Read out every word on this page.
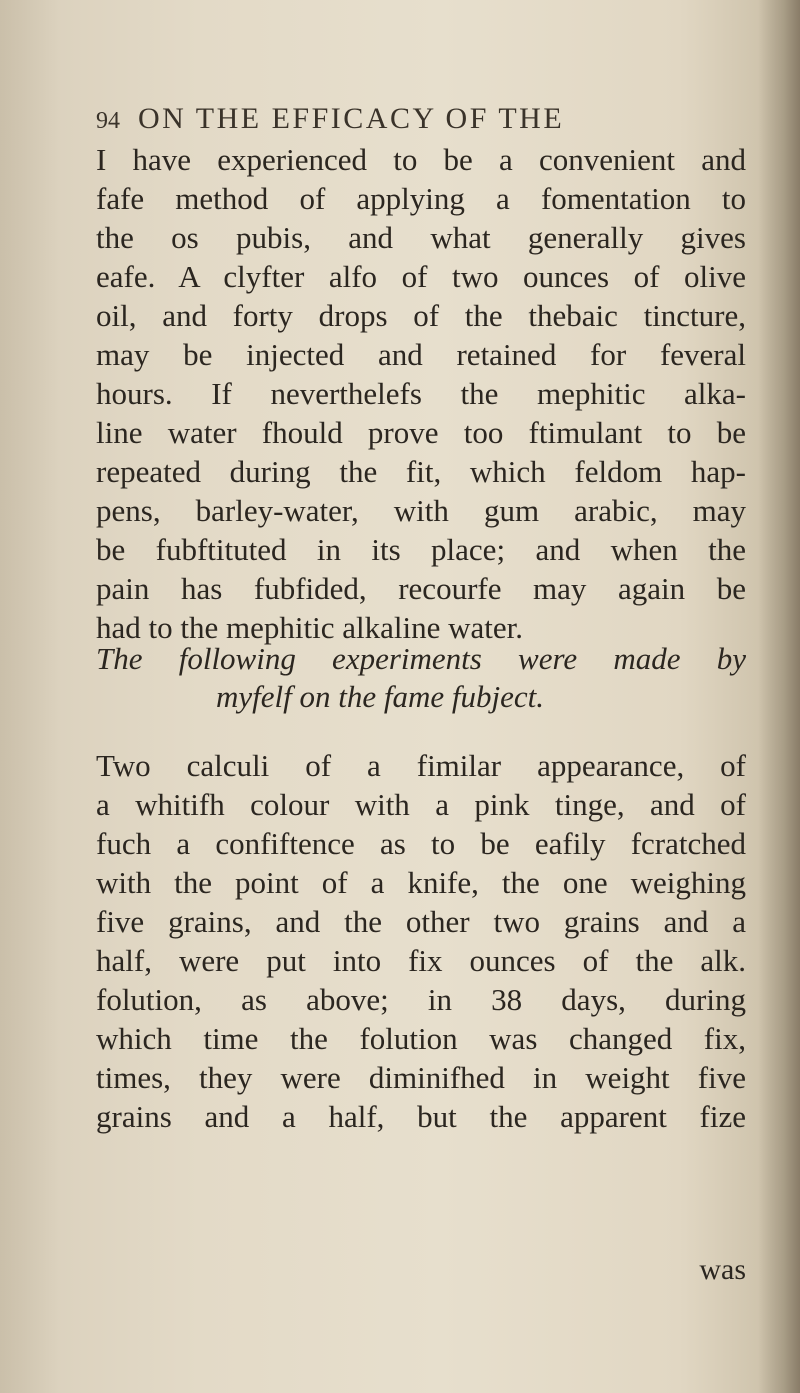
94 ON THE EFFICACY OF THE
I have experienced to be a convenient and
fafe method of applying a fomentation to
the os pubis, and what generally gives
eafe. A clyfter alfo of two ounces of olive
oil, and forty drops of the thebaic tincture,
may be injected and retained for feveral
hours. If neverthelefs the mephitic alka-
line water fhould prove too ftimulant to be
repeated during the fit, which feldom hap-
pens, barley-water, with gum arabic, may
be fubftituted in its place; and when the
pain has fubfided, recourfe may again be
had to the mephitic alkaline water.
The following experiments were made by
myfelf on the fame fubject.
Two calculi of a fimilar appearance, of
a whitifh colour with a pink tinge, and of
fuch a confiftence as to be eafily fcratched
with the point of a knife, the one weighing
five grains, and the other two grains and a
half, were put into fix ounces of the alk.
folution, as above; in 38 days, during
which time the folution was changed fix,
times, they were diminifhed in weight five
grains and a half, but the apparent fize
was
